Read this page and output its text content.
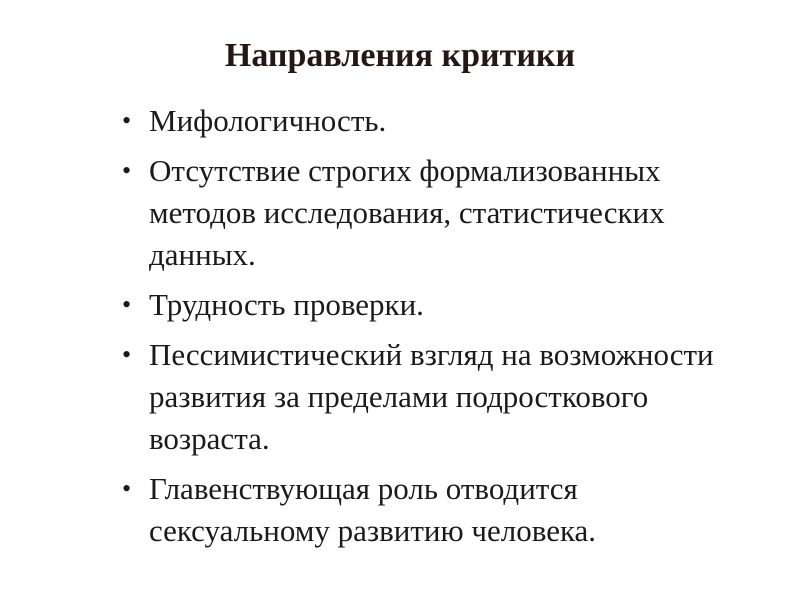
Направления критики
• Мифологичность.
• Отсутствие строгих формализованных методов исследования, статистических данных.
• Трудность проверки.
• Пессимистический взгляд на возможности развития за пределами подросткового возраста.
• Главенствующая роль отводится сексуальному развитию человека.
